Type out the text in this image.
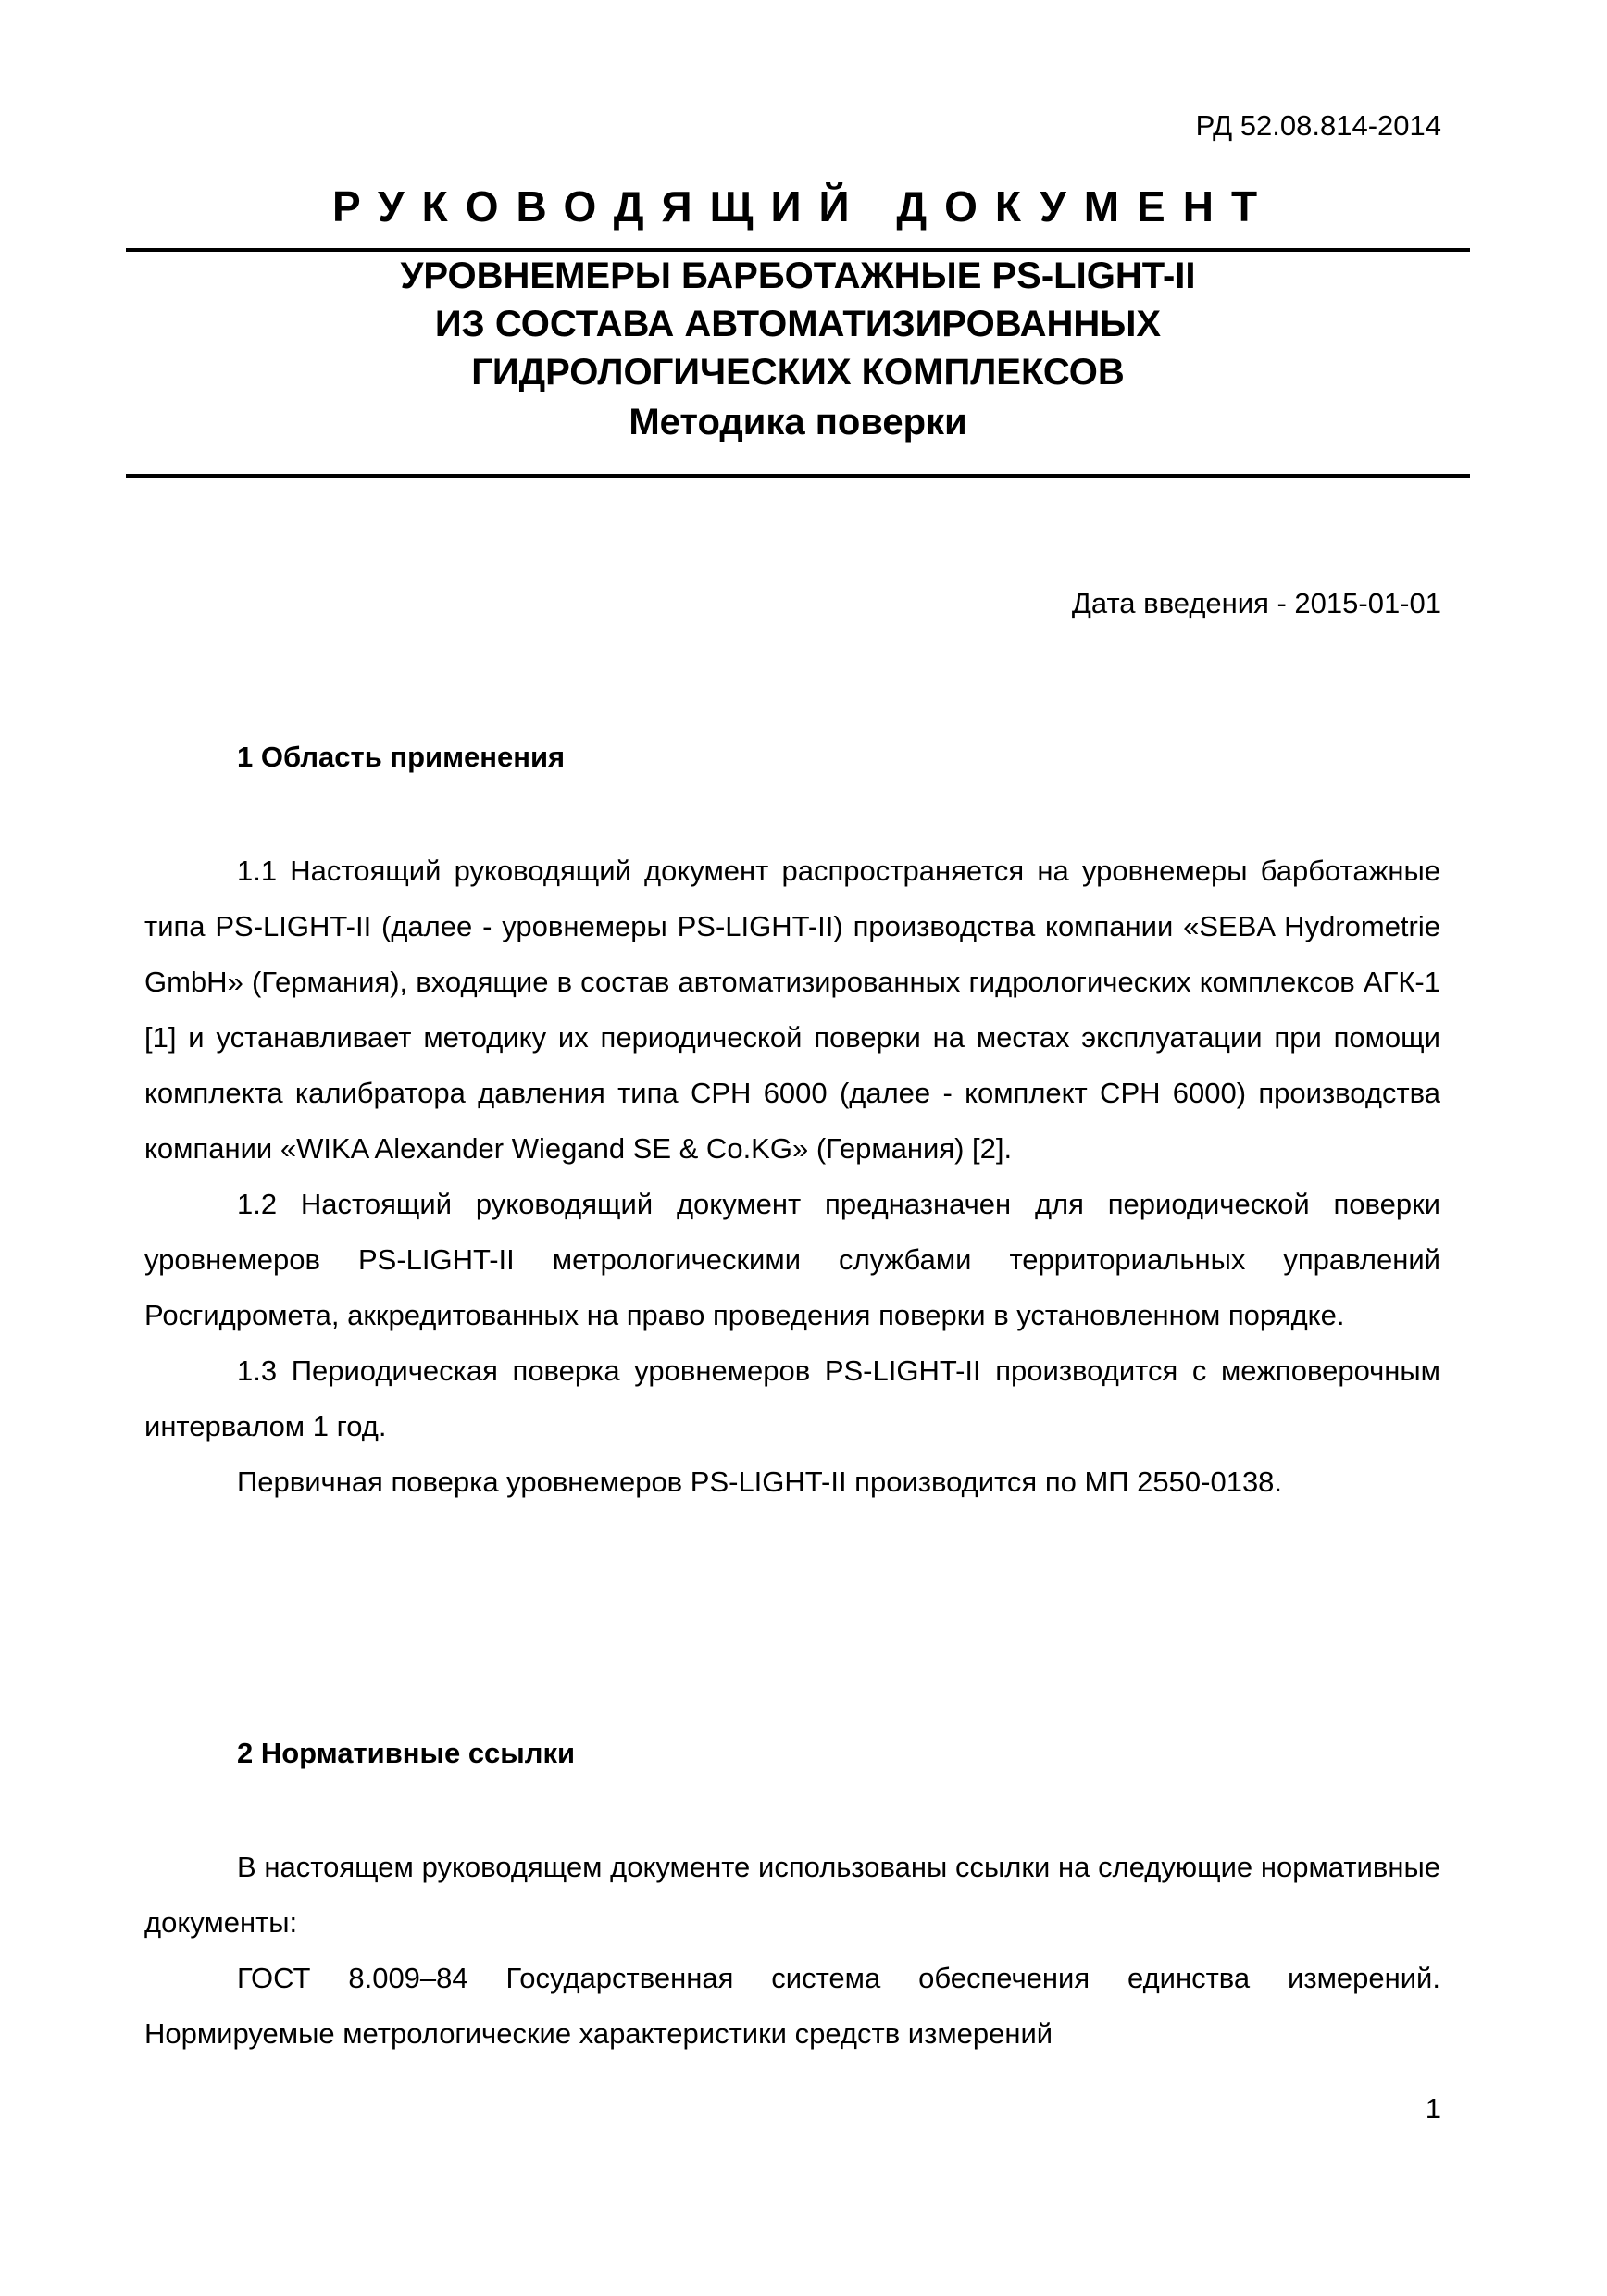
РД 52.08.814-2014
РУКОВОДЯЩИЙ ДОКУМЕНТ
УРОВНЕМЕРЫ БАРБОТАЖНЫЕ PS-LIGHT-II
ИЗ СОСТАВА АВТОМАТИЗИРОВАННЫХ
ГИДРОЛОГИЧЕСКИХ КОМПЛЕКСОВ
Методика поверки
Дата введения - 2015-01-01
1 Область применения

1.1 Настоящий руководящий документ распространяется на уровнемеры барботажные типа PS-LIGHT-II (далее - уровнемеры PS-LIGHT-II) производства компании «SEBA Hydrometrie GmbH» (Германия), входящие в состав автоматизированных гидрологических комплексов АГК-1 [1] и устанавливает методику их периодической поверки на местах эксплуатации при помощи комплекта калибратора давления типа CPH 6000 (далее - комплект CPH 6000) производства компании «WIKA Alexander Wiegand SE & Co.KG» (Германия) [2].

1.2 Настоящий руководящий документ предназначен для периодической поверки уровнемеров PS-LIGHT-II метрологическими службами территориальных управлений Росгидромета, аккредитованных на право проведения поверки в установленном порядке.

1.3 Периодическая поверка уровнемеров PS-LIGHT-II производится с межповерочным интервалом 1 год.

Первичная поверка уровнемеров PS-LIGHT-II производится по МП 2550-0138.

2 Нормативные ссылки

В настоящем руководящем документе использованы ссылки на следующие нормативные документы:

ГОСТ 8.009–84 Государственная система обеспечения единства измерений. Нормируемые метрологические характеристики средств измерений

1
